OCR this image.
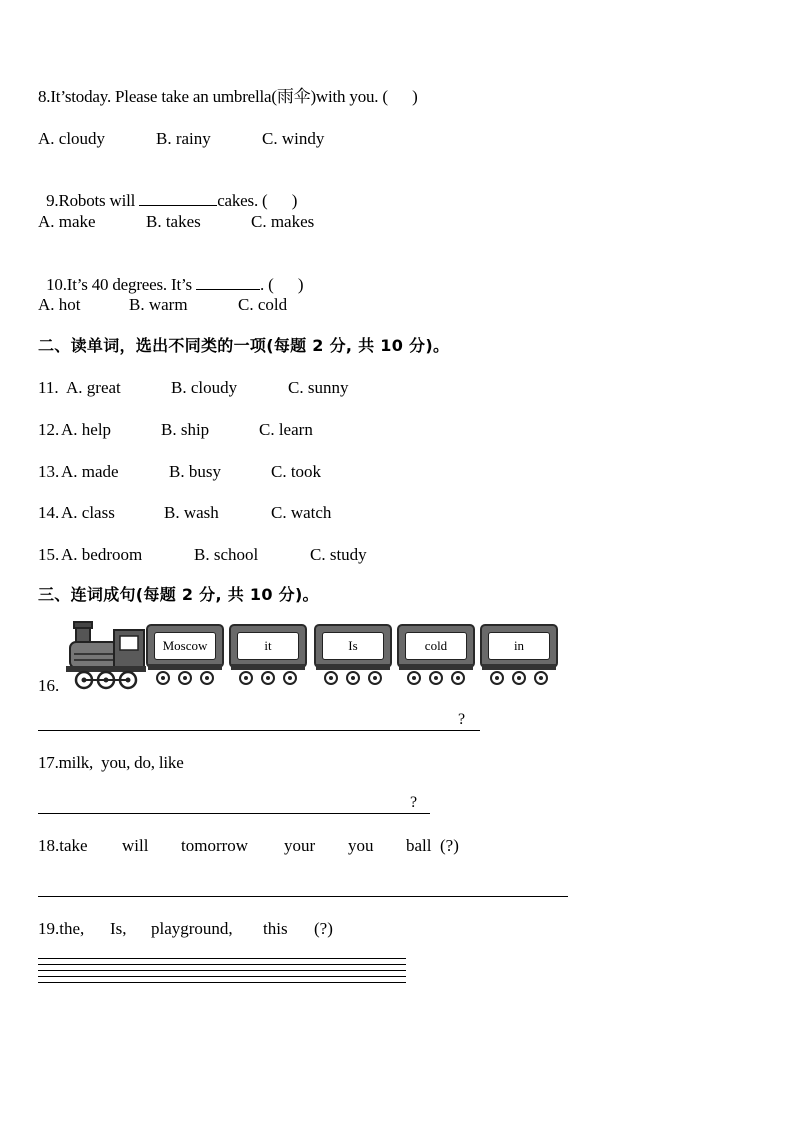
8.It’stoday. Please take an umbrella(雨伞)with you. (      )
A. cloudy	B. rainy	C. windy

9.Robots will	cakes. (      )

A. make	B. takes	C. makes

10.It’s 40 degrees. It’s	. (      )

A. hot	B. warm	C. cold
二、读单词，选出不同类的一项(每题 2 分, 共 10 分)。
11. A. great	B. cloudy	C. sunny
12. A. help	B. ship	C. learn
13. A. made	B. busy	C. took
14. A. class	B. wash	C. watch
15. A. bedroom	B. school	C. study
三、连词成句(每题 2 分, 共 10 分)。
16.
Moscow	it	Is	cold	in
?
17.milk,  you, do, like
?
18.take will tomorrow your you ball (?)
19.the, Is, playground, this (?)
